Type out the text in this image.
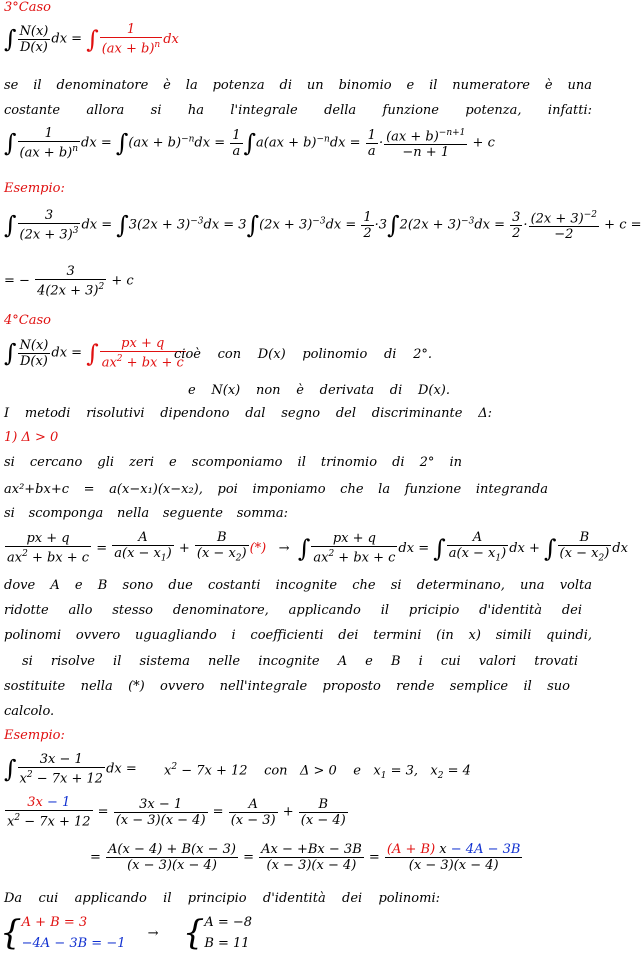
3°Caso
∫ $\frac{N(x)}{D(x)}$ dx = ∫ $\frac{1}{(ax + b)^n}$ dx
se il denominatore è la potenza di un binomio e il numeratore è una
costante allora si ha l'integrale della funzione potenza, infatti:
∫ $\frac{1}{(ax + b)^n}$ dx = $\int(ax + b)^{-n}dx = \frac{1}{a} \int a(ax + b)^{-n}dx = \frac{1}{a} \cdot \frac{(ax + b)^{-n+1}}{-n + 1} + c$
Esempio:
∫ $\frac{3}{(2x + 3)^3}$ dx = $\int 3(2x + 3)^{-3}dx = 3\int(2x + 3)^{-3}dx = \frac{1}{2} \cdot 3\int 2(2x + 3)^{-3}dx = \frac{3}{2} \cdot \frac{(2x + 3)^{-2}}{-2} + c$ =
= − $\frac{3}{4(2x + 3)^2} + c$
4°Caso
∫ $\frac{N(x)}{D(x)}$ dx = ∫ $\frac{px + q}{ax^2 + bx + c}$
cioè con D(x) polinomio di 2°.
e N(x) non è derivata di D(x).
I metodi risolutivi dipendono dal segno del discriminante Δ:
1) Δ > 0
si cercano gli zeri e scomponiamo il trinomio di 2° in
ax²+bx+c = a(x−x₁)(x−x₂), poi imponiamo che la funzione integranda
si scomponga nella seguente somma:
$\frac{px + q}{ax^2 + bx + c} = \frac{A}{a(x - x_1)} + \frac{B}{(x - x_2)}$ (*)   →  ∫ $\frac{px + q}{ax^2 + bx + c}$ dx = ∫ $\frac{A}{a(x - x_1)}$ dx + ∫ $\frac{B}{(x - x_2)}$ dx
dove A e B sono due costanti incognite che si determinano, una volta
ridotte allo stesso denominatore, applicando il pricipio d'identità dei
polinomi ovvero uguagliando i coefficienti dei termini (in x) simili quindi,
si risolve il sistema nelle incognite A e B i cui valori trovati
sostituite nella (*) ovvero nell'integrale proposto rende semplice il suo
calcolo.
Esempio:
∫ $\frac{3x - 1}{x^2 - 7x + 12}$ dx = $x^2 - 7x + 12$    con   Δ > 0    e   $x_1 = 3$,   $x_2 = 4$
$\frac{3x - 1}{x^2 - 7x + 12} = \frac{3x - 1}{(x - 3)(x - 4)} = \frac{A}{(x - 3)} + \frac{B}{(x - 4)}$
= $\frac{A(x - 4) + B(x - 3)}{(x - 3)(x - 4)} = \frac{Ax - +Bx - 3B}{(x - 3)(x - 4)} = \frac{(A + B) x - 4A - 3B}{(x - 3)(x - 4)}$
Da cui applicando il principio d'identità dei polinomi:
{ A + B = 3
−4A − 3B = −1
→ { A = −8
B = 11
